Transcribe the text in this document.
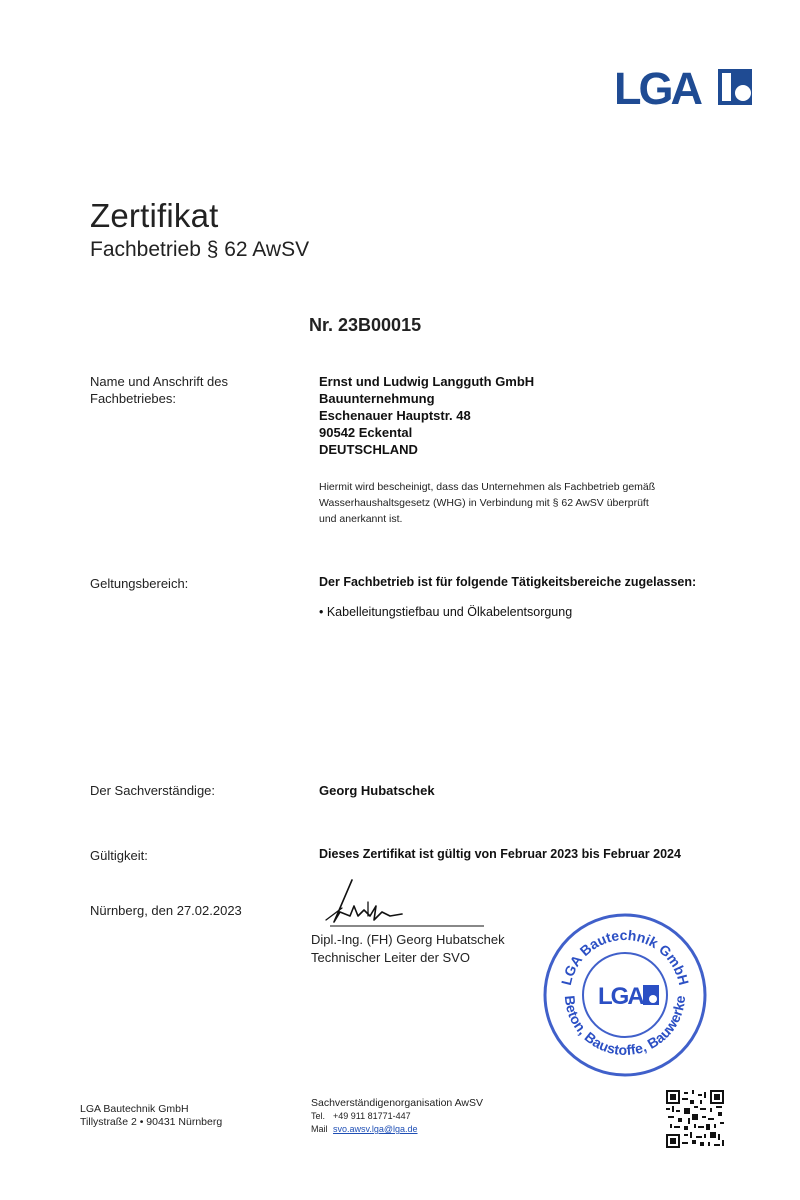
LGA
Zertifikat
Fachbetrieb § 62 AwSV
Nr. 23B00015
Name und Anschrift des
Fachbetriebes:
Ernst und Ludwig Langguth GmbH
Bauunternehmung
Eschenauer Hauptstr. 48
90542 Eckental
DEUTSCHLAND
Hiermit wird bescheinigt, dass das Unternehmen als Fachbetrieb gemäß
Wasserhaushaltsgesetz (WHG) in Verbindung mit § 62 AwSV überprüft
und anerkannt ist.
Geltungsbereich:	Der Fachbetrieb ist für folgende Tätigkeitsbereiche zugelassen:
• Kabelleitungstiefbau und Ölkabelentsorgung
Der Sachverständige:	Georg Hubatschek
Gültigkeit:	Dieses Zertifikat ist gültig von Februar 2023 bis Februar 2024
Nürnberg, den 27.02.2023
Dipl.-Ing. (FH) Georg Hubatschek
Technischer Leiter der SVO
LGA Bautechnik GmbH
Beton, Baustoffe, Bauwerke
LGA
LGA Bautechnik GmbH
Tillystraße 2 • 90431 Nürnberg
Sachverständigenorganisation AwSV
Tel. +49 911 81771-447
Mail svo.awsv.lga@lga.de
